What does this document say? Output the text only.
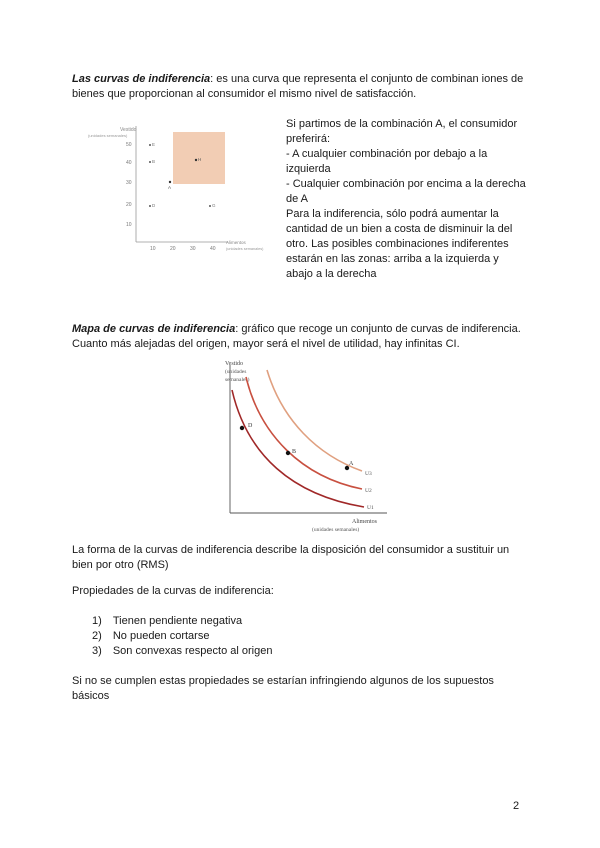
Las curvas de indiferencia: es una curva que representa el conjunto de combinan iones de
bienes que proporcionan al consumidor el mismo nivel de satisfacción.
Vestido
(unidades semanales)
50
40
30
20
10
10	20	30	40
Alimentos
(unidades semanales)
E
B
A
H
D	G
Si partimos de la combinación A, el consumidor
preferirá:
- A cualquier combinación por debajo a la
izquierda
- Cualquier combinación por encima a la derecha
de A
Para la indiferencia, sólo podrá aumentar la
cantidad de un bien a costa de disminuir la del
otro. Las posibles combinaciones indiferentes
estarán en las zonas: arriba a la izquierda y
abajo a la derecha
Mapa de curvas de indiferencia: gráfico que recoge un conjunto de curvas de indiferencia.
Cuanto más alejadas del origen, mayor será el nivel de utilidad, hay infinitas CI.
Vestido
(unidades
semanales)
Alimentos
(unidades semanales)
U1
U2
U3
D
B
A
La forma de la curvas de indiferencia describe la disposición del consumidor a sustituir un
bien por otro (RMS)
Propiedades de la curvas de indiferencia:
1) Tienen pendiente negativa
2) No pueden cortarse
3) Son convexas respecto al origen
Si no se cumplen estas propiedades se estarían infringiendo algunos de los supuestos
básicos
2
